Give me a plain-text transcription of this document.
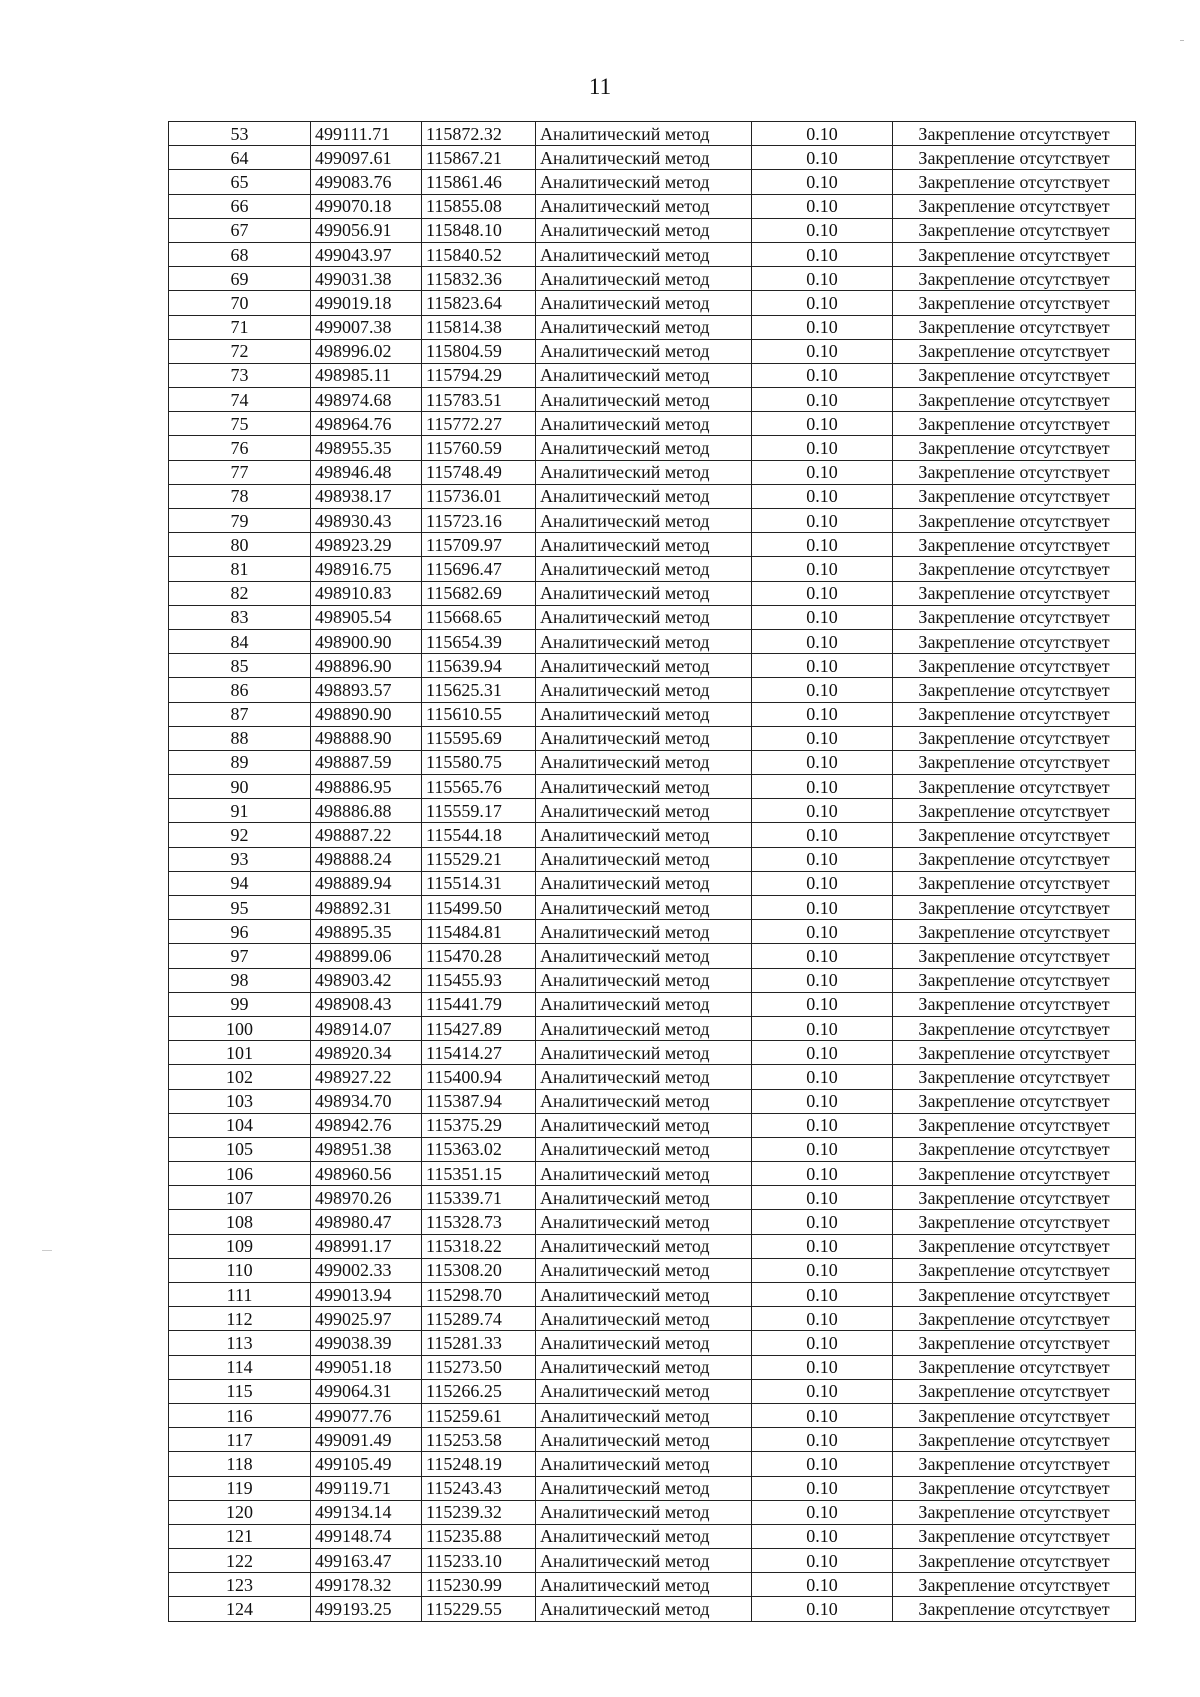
11
53	499111.71	115872.32	Аналитический метод	0.10	Закрепление отсутствует
64	499097.61	115867.21	Аналитический метод	0.10	Закрепление отсутствует
65	499083.76	115861.46	Аналитический метод	0.10	Закрепление отсутствует
66	499070.18	115855.08	Аналитический метод	0.10	Закрепление отсутствует
67	499056.91	115848.10	Аналитический метод	0.10	Закрепление отсутствует
68	499043.97	115840.52	Аналитический метод	0.10	Закрепление отсутствует
69	499031.38	115832.36	Аналитический метод	0.10	Закрепление отсутствует
70	499019.18	115823.64	Аналитический метод	0.10	Закрепление отсутствует
71	499007.38	115814.38	Аналитический метод	0.10	Закрепление отсутствует
72	498996.02	115804.59	Аналитический метод	0.10	Закрепление отсутствует
73	498985.11	115794.29	Аналитический метод	0.10	Закрепление отсутствует
74	498974.68	115783.51	Аналитический метод	0.10	Закрепление отсутствует
75	498964.76	115772.27	Аналитический метод	0.10	Закрепление отсутствует
76	498955.35	115760.59	Аналитический метод	0.10	Закрепление отсутствует
77	498946.48	115748.49	Аналитический метод	0.10	Закрепление отсутствует
78	498938.17	115736.01	Аналитический метод	0.10	Закрепление отсутствует
79	498930.43	115723.16	Аналитический метод	0.10	Закрепление отсутствует
80	498923.29	115709.97	Аналитический метод	0.10	Закрепление отсутствует
81	498916.75	115696.47	Аналитический метод	0.10	Закрепление отсутствует
82	498910.83	115682.69	Аналитический метод	0.10	Закрепление отсутствует
83	498905.54	115668.65	Аналитический метод	0.10	Закрепление отсутствует
84	498900.90	115654.39	Аналитический метод	0.10	Закрепление отсутствует
85	498896.90	115639.94	Аналитический метод	0.10	Закрепление отсутствует
86	498893.57	115625.31	Аналитический метод	0.10	Закрепление отсутствует
87	498890.90	115610.55	Аналитический метод	0.10	Закрепление отсутствует
88	498888.90	115595.69	Аналитический метод	0.10	Закрепление отсутствует
89	498887.59	115580.75	Аналитический метод	0.10	Закрепление отсутствует
90	498886.95	115565.76	Аналитический метод	0.10	Закрепление отсутствует
91	498886.88	115559.17	Аналитический метод	0.10	Закрепление отсутствует
92	498887.22	115544.18	Аналитический метод	0.10	Закрепление отсутствует
93	498888.24	115529.21	Аналитический метод	0.10	Закрепление отсутствует
94	498889.94	115514.31	Аналитический метод	0.10	Закрепление отсутствует
95	498892.31	115499.50	Аналитический метод	0.10	Закрепление отсутствует
96	498895.35	115484.81	Аналитический метод	0.10	Закрепление отсутствует
97	498899.06	115470.28	Аналитический метод	0.10	Закрепление отсутствует
98	498903.42	115455.93	Аналитический метод	0.10	Закрепление отсутствует
99	498908.43	115441.79	Аналитический метод	0.10	Закрепление отсутствует
100	498914.07	115427.89	Аналитический метод	0.10	Закрепление отсутствует
101	498920.34	115414.27	Аналитический метод	0.10	Закрепление отсутствует
102	498927.22	115400.94	Аналитический метод	0.10	Закрепление отсутствует
103	498934.70	115387.94	Аналитический метод	0.10	Закрепление отсутствует
104	498942.76	115375.29	Аналитический метод	0.10	Закрепление отсутствует
105	498951.38	115363.02	Аналитический метод	0.10	Закрепление отсутствует
106	498960.56	115351.15	Аналитический метод	0.10	Закрепление отсутствует
107	498970.26	115339.71	Аналитический метод	0.10	Закрепление отсутствует
108	498980.47	115328.73	Аналитический метод	0.10	Закрепление отсутствует
109	498991.17	115318.22	Аналитический метод	0.10	Закрепление отсутствует
110	499002.33	115308.20	Аналитический метод	0.10	Закрепление отсутствует
111	499013.94	115298.70	Аналитический метод	0.10	Закрепление отсутствует
112	499025.97	115289.74	Аналитический метод	0.10	Закрепление отсутствует
113	499038.39	115281.33	Аналитический метод	0.10	Закрепление отсутствует
114	499051.18	115273.50	Аналитический метод	0.10	Закрепление отсутствует
115	499064.31	115266.25	Аналитический метод	0.10	Закрепление отсутствует
116	499077.76	115259.61	Аналитический метод	0.10	Закрепление отсутствует
117	499091.49	115253.58	Аналитический метод	0.10	Закрепление отсутствует
118	499105.49	115248.19	Аналитический метод	0.10	Закрепление отсутствует
119	499119.71	115243.43	Аналитический метод	0.10	Закрепление отсутствует
120	499134.14	115239.32	Аналитический метод	0.10	Закрепление отсутствует
121	499148.74	115235.88	Аналитический метод	0.10	Закрепление отсутствует
122	499163.47	115233.10	Аналитический метод	0.10	Закрепление отсутствует
123	499178.32	115230.99	Аналитический метод	0.10	Закрепление отсутствует
124	499193.25	115229.55	Аналитический метод	0.10	Закрепление отсутствует
